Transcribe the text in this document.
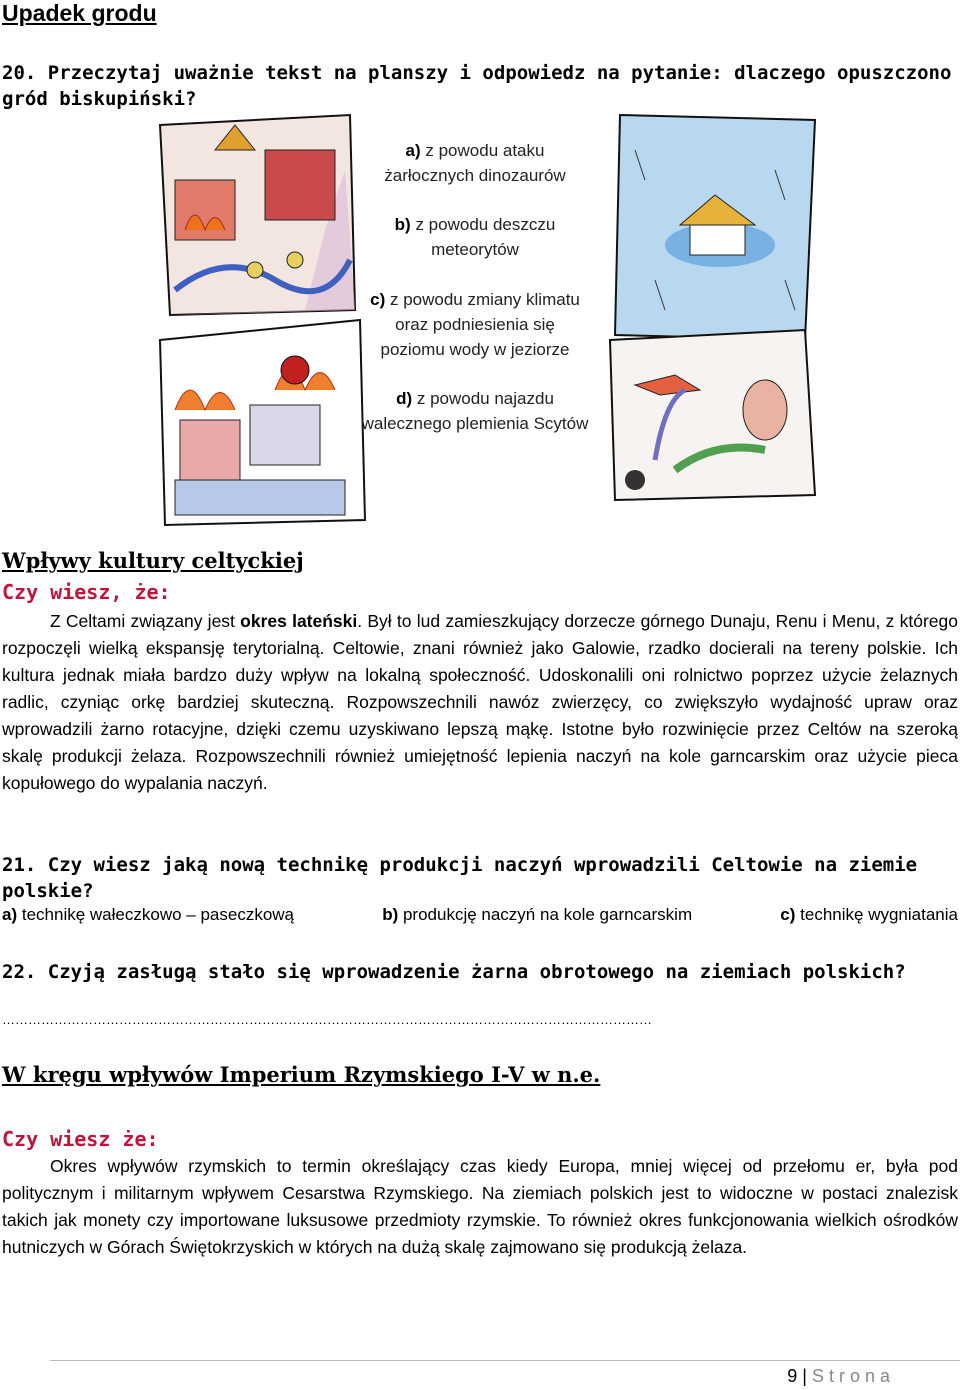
Upadek grodu
20. Przeczytaj uważnie tekst na planszy i odpowiedz na pytanie: dlaczego opuszczono gród biskupiński?
a) z powodu ataku
żarłocznych dinozaurów
b) z powodu deszczu
meteorytów
c) z powodu zmiany klimatu
oraz podniesienia się
poziomu wody w jeziorze
d) z powodu najazdu
walecznego plemienia Scytów
Wpływy kultury celtyckiej
Czy wiesz, że:
Z Celtami związany jest okres lateński. Był to lud zamieszkujący dorzecze górnego Dunaju, Renu i Menu, z którego rozpoczęli wielką ekspansję terytorialną. Celtowie, znani również jako Galowie, rzadko docierali na tereny polskie. Ich kultura jednak miała bardzo duży wpływ na lokalną społeczność. Udoskonalili oni rolnictwo poprzez użycie żelaznych radlic, czyniąc orkę bardziej skuteczną. Rozpowszechnili nawóz zwierzęcy, co zwiększyło wydajność upraw oraz wprowadzili żarno rotacyjne, dzięki czemu uzyskiwano lepszą mąkę. Istotne było rozwinięcie przez Celtów na szeroką skalę produkcji żelaza. Rozpowszechnili również umiejętność lepienia naczyń na kole garncarskim oraz użycie pieca kopułowego do wypalania naczyń.
21. Czy wiesz jaką nową technikę produkcji naczyń wprowadzili Celtowie na ziemie polskie?
a) technikę wałeczkowo – paseczkową	b) produkcję naczyń na kole garncarskim	c) technikę wygniatania
22. Czyją zasługą stało się wprowadzenie żarna obrotowego na ziemiach polskich?
……………………………………………………………………………………………………………………………………
W kręgu wpływów Imperium Rzymskiego I-V w n.e.
Czy wiesz że:
Okres wpływów rzymskich to termin określający czas kiedy Europa, mniej więcej od przełomu er, była pod politycznym i militarnym wpływem Cesarstwa Rzymskiego. Na ziemiach polskich jest to widoczne w postaci znalezisk takich jak monety czy importowane luksusowe przedmioty rzymskie. To również okres funkcjonowania wielkich ośrodków hutniczych w Górach Świętokrzyskich w których na dużą skalę zajmowano się produkcją żelaza.
9 | S t r o n a
